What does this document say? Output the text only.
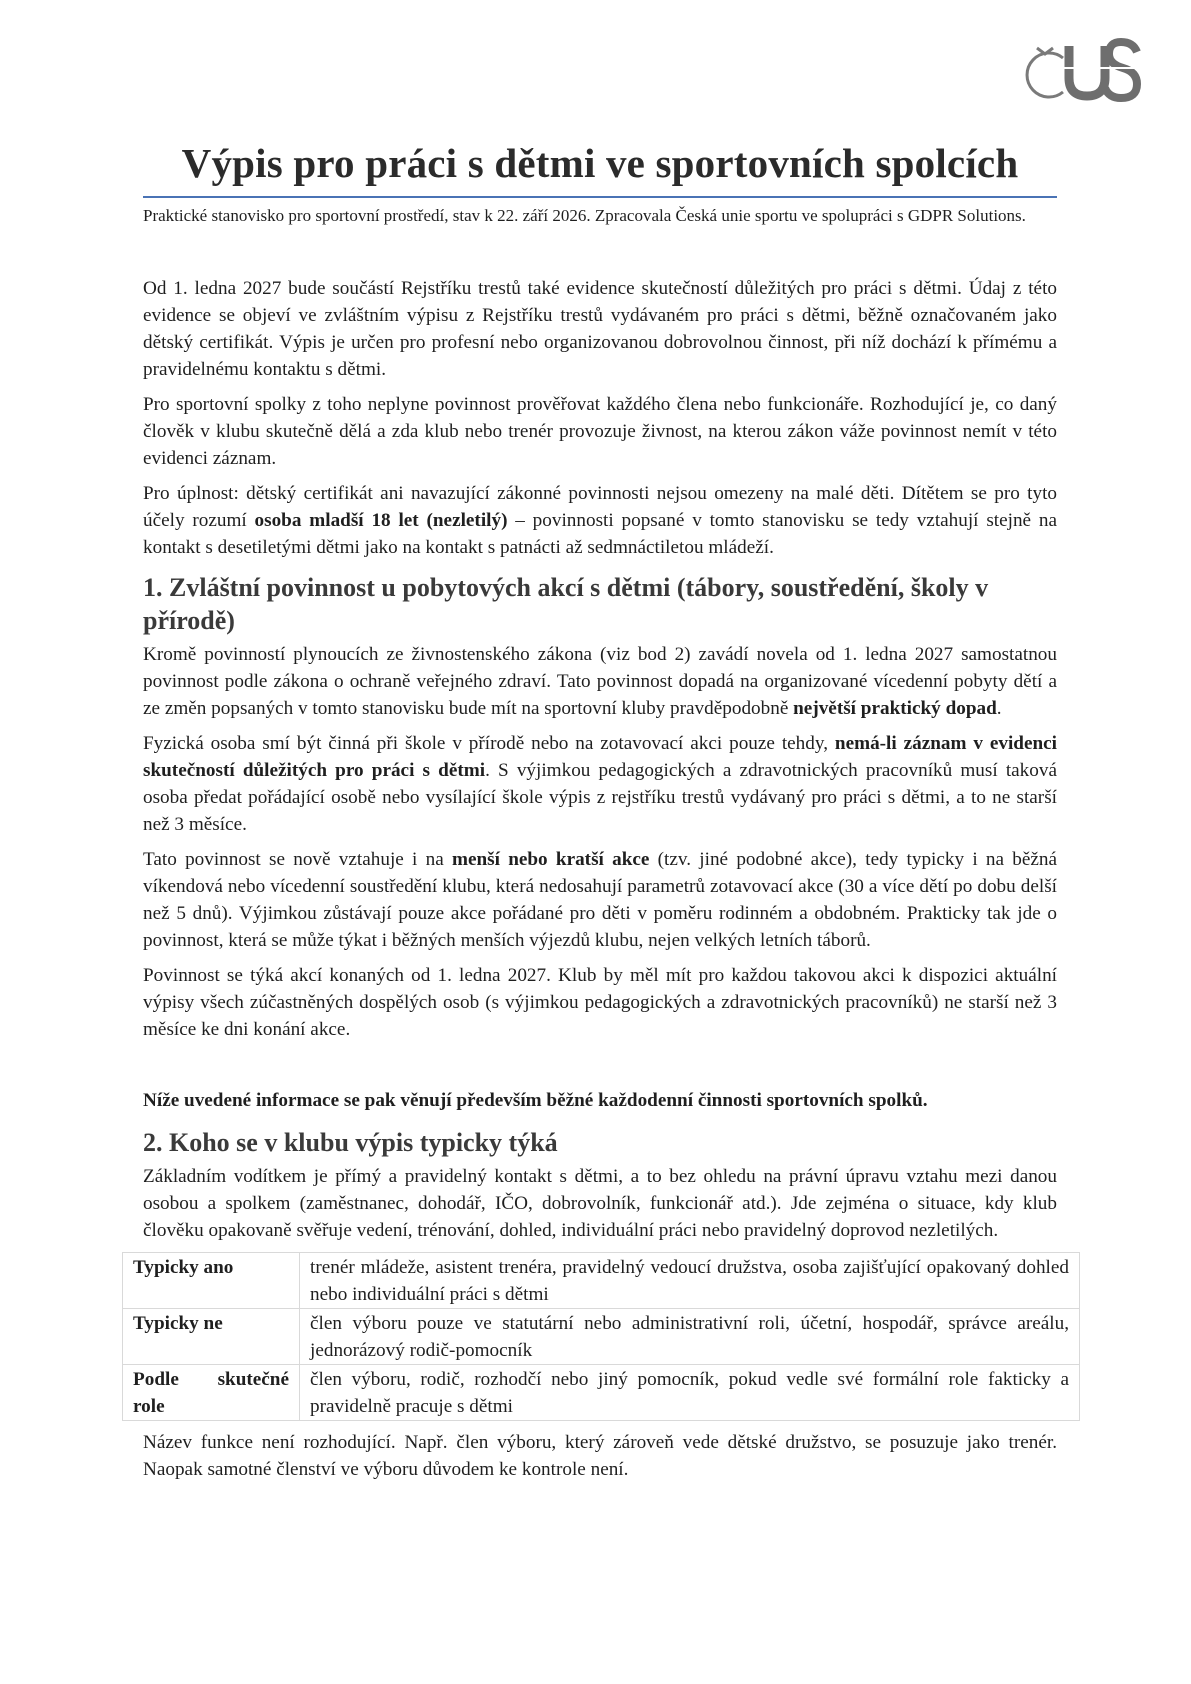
Výpis pro práci s dětmi ve sportovních spolcích

Praktické stanovisko pro sportovní prostředí, stav k 22. září 2026. Zpracovala Česká unie sportu ve spolupráci s GDPR Solutions.

Od 1. ledna 2027 bude součástí Rejstříku trestů také evidence skutečností důležitých pro práci s dětmi. Údaj z této evidence se objeví ve zvláštním výpisu z Rejstříku trestů vydávaném pro práci s dětmi, běžně označovaném jako dětský certifikát. Výpis je určen pro profesní nebo organizovanou dobrovolnou činnost, při níž dochází k přímému a pravidelnému kontaktu s dětmi.

Pro sportovní spolky z toho neplyne povinnost prověřovat každého člena nebo funkcionáře. Rozhodující je, co daný člověk v klubu skutečně dělá a zda klub nebo trenér provozuje živnost, na kterou zákon váže povinnost nemít v této evidenci záznam.

Pro úplnost: dětský certifikát ani navazující zákonné povinnosti nejsou omezeny na malé děti. Dítětem se pro tyto účely rozumí osoba mladší 18 let (nezletilý) – povinnosti popsané v tomto stanovisku se tedy vztahují stejně na kontakt s desetiletými dětmi jako na kontakt s patnácti až sedmnáctiletou mládeží.

1. Zvláštní povinnost u pobytových akcí s dětmi (tábory, soustředění, školy v přírodě)

Kromě povinností plynoucích ze živnostenského zákona (viz bod 2) zavádí novela od 1. ledna 2027 samostatnou povinnost podle zákona o ochraně veřejného zdraví. Tato povinnost dopadá na organizované vícedenní pobyty dětí a ze změn popsaných v tomto stanovisku bude mít na sportovní kluby pravděpodobně největší praktický dopad.

Fyzická osoba smí být činná při škole v přírodě nebo na zotavovací akci pouze tehdy, nemá-li záznam v evidenci skutečností důležitých pro práci s dětmi. S výjimkou pedagogických a zdravotnických pracovníků musí taková osoba předat pořádající osobě nebo vysílající škole výpis z rejstříku trestů vydávaný pro práci s dětmi, a to ne starší než 3 měsíce.

Tato povinnost se nově vztahuje i na menší nebo kratší akce (tzv. jiné podobné akce), tedy typicky i na běžná víkendová nebo vícedenní soustředění klubu, která nedosahují parametrů zotavovací akce (30 a více dětí po dobu delší než 5 dnů). Výjimkou zůstávají pouze akce pořádané pro děti v poměru rodinném a obdobném. Prakticky tak jde o povinnost, která se může týkat i běžných menších výjezdů klubu, nejen velkých letních táborů.

Povinnost se týká akcí konaných od 1. ledna 2027. Klub by měl mít pro každou takovou akci k dispozici aktuální výpisy všech zúčastněných dospělých osob (s výjimkou pedagogických a zdravotnických pracovníků) ne starší než 3 měsíce ke dni konání akce.

Níže uvedené informace se pak věnují především běžné každodenní činnosti sportovních spolků.

2. Koho se v klubu výpis typicky týká

Základním vodítkem je přímý a pravidelný kontakt s dětmi, a to bez ohledu na právní úpravu vztahu mezi danou osobou a spolkem (zaměstnanec, dohodář, IČO, dobrovolník, funkcionář atd.). Jde zejména o situace, kdy klub člověku opakovaně svěřuje vedení, trénování, dohled, individuální práci nebo pravidelný doprovod nezletilých.

Typicky ano	trenér mládeže, asistent trenéra, pravidelný vedoucí družstva, osoba zajišťující opakovaný dohled nebo individuální práci s dětmi
Typicky ne	člen výboru pouze ve statutární nebo administrativní roli, účetní, hospodář, správce areálu, jednorázový rodič-pomocník
Podle skutečné role	člen výboru, rodič, rozhodčí nebo jiný pomocník, pokud vedle své formální role fakticky a pravidelně pracuje s dětmi

Název funkce není rozhodující. Např. člen výboru, který zároveň vede dětské družstvo, se posuzuje jako trenér. Naopak samotné členství ve výboru důvodem ke kontrole není.
